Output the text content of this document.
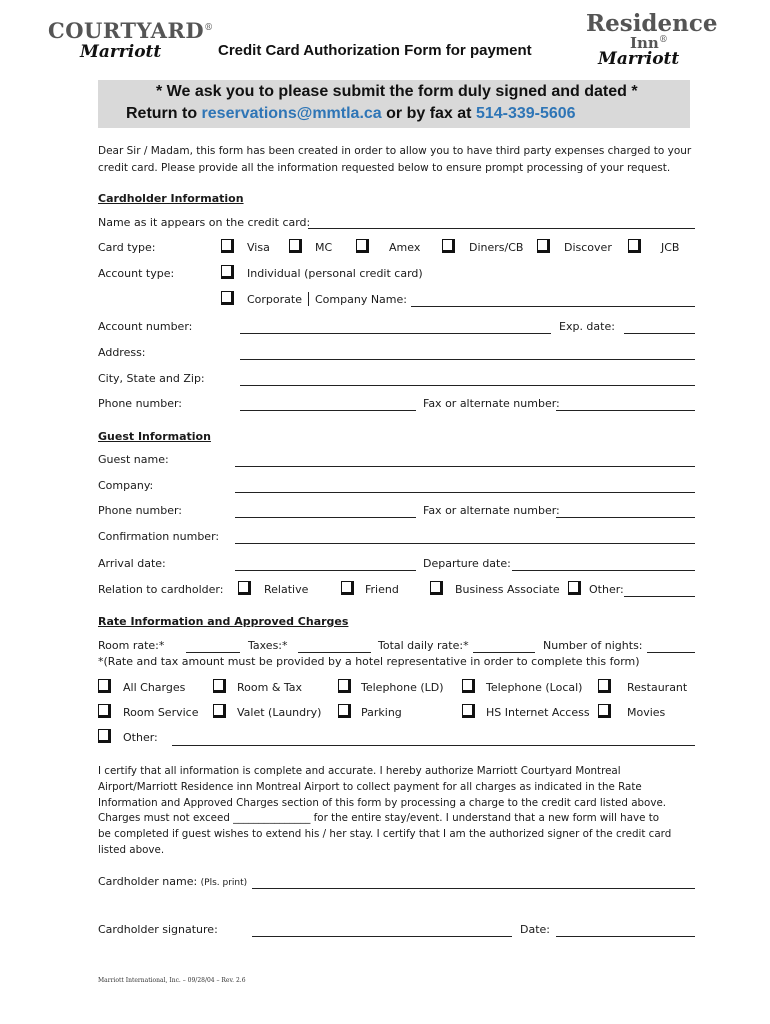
COURTYARD®
Marriott
Residence
Inn®
Marriott
Credit Card Authorization Form for payment
* We ask you to please submit the form duly signed and dated *
Return to reservations@mmtla.ca or by fax at 514-339-5606
Dear Sir / Madam, this form has been created in order to allow you to have third party expenses charged to your
credit card. Please provide all the information requested below to ensure prompt processing of your request.
Cardholder Information
Name as it appears on the credit card:
Card type:	Visa	MC	Amex	Diners/CB	Discover	JCB
Account type:	Individual (personal credit card)
Corporate Company Name:
Account number:	Exp. date:
Address:
City, State and Zip:
Phone number:	Fax or alternate number:
Guest Information
Guest name:
Company:
Phone number:	Fax or alternate number:
Confirmation number:
Arrival date:	Departure date:
Relation to cardholder:	Relative	Friend	Business Associate	Other:
Rate Information and Approved Charges
Room rate:*	Taxes:*	Total daily rate:*	Number of nights:
*(Rate and tax amount must be provided by a hotel representative in order to complete this form)
All Charges	Room & Tax	Telephone (LD)	Telephone (Local)	Restaurant
Room Service	Valet (Laundry)	Parking	HS Internet Access	Movies
Other:
I certify that all information is complete and accurate. I hereby authorize Marriott Courtyard Montreal
Airport/Marriott Residence inn Montreal Airport to collect payment for all charges as indicated in the Rate
Information and Approved Charges section of this form by processing a charge to the credit card listed above.
Charges must not exceed _______________ for the entire stay/event. I understand that a new form will have to
be completed if guest wishes to extend his / her stay. I certify that I am the authorized signer of the credit card
listed above.
Cardholder name: (Pls. print)
Cardholder signature:	Date:
Marriott International, Inc. – 09/28/04 – Rev. 2.6
